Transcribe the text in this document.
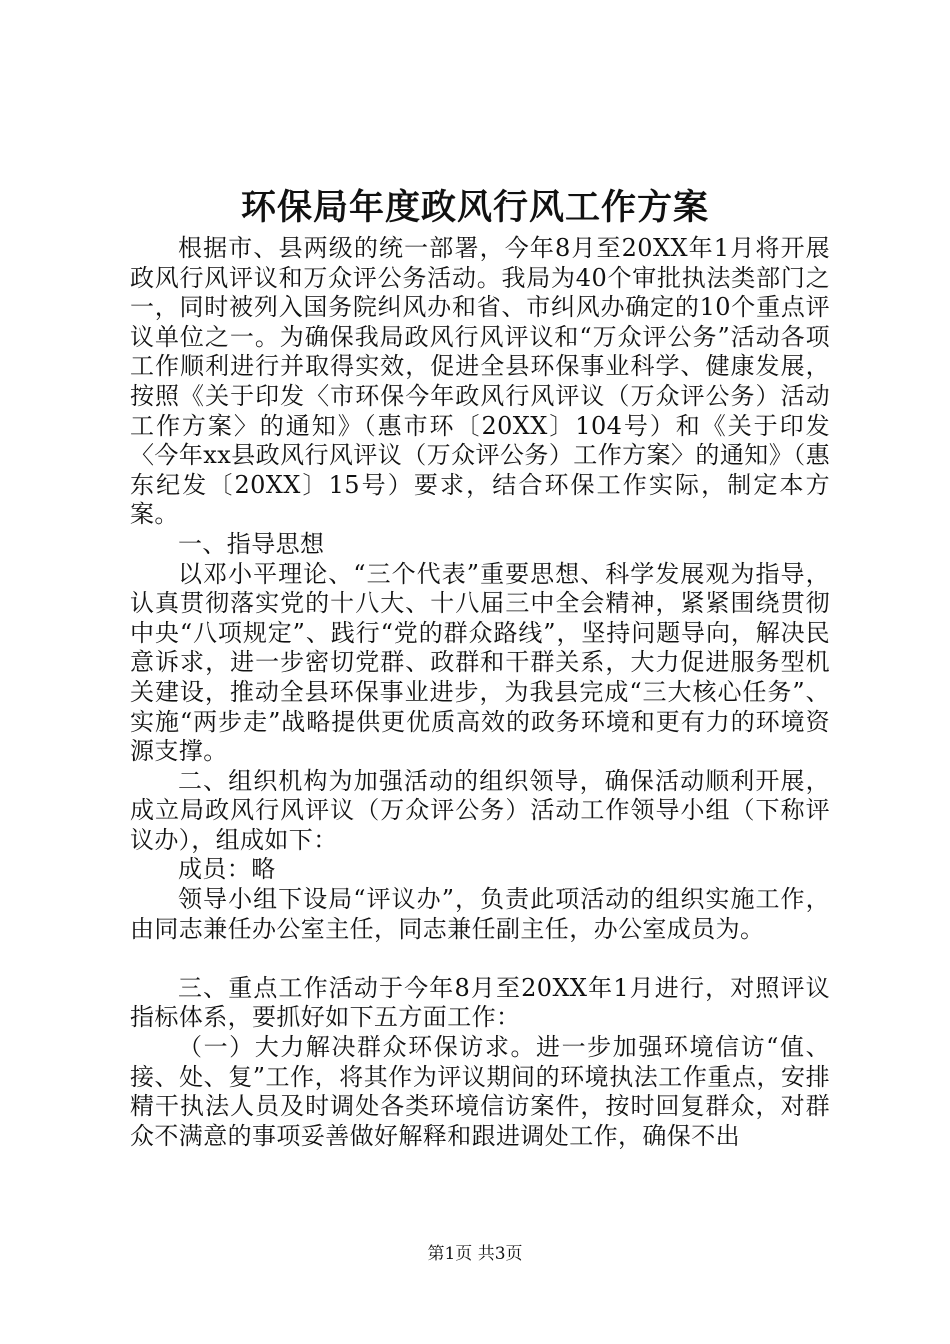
环保局年度政风行风工作方案

根据市、县两级的统一部署，今年8月至20XX年1月将开展政风行风评议和万众评公务活动。我局为40个审批执法类部门之一，同时被列入国务院纠风办和省、市纠风办确定的10个重点评议单位之一。为确保我局政风行风评议和“万众评公务”活动各项工作顺利进行并取得实效，促进全县环保事业科学、健康发展，按照《关于印发〈市环保今年政风行风评议（万众评公务）活动工作方案〉的通知》（惠市环〔20XX〕104号）和《关于印发〈今年xx县政风行风评议（万众评公务）工作方案〉的通知》（惠东纪发〔20XX〕15号）要求，结合环保工作实际，制定本方案。

一、指导思想

以邓小平理论、“三个代表”重要思想、科学发展观为指导，认真贯彻落实党的十八大、十八届三中全会精神，紧紧围绕贯彻中央“八项规定”、践行“党的群众路线”，坚持问题导向，解决民意诉求，进一步密切党群、政群和干群关系，大力促进服务型机关建设，推动全县环保事业进步，为我县完成“三大核心任务”、实施“两步走”战略提供更优质高效的政务环境和更有力的环境资源支撑。

二、组织机构为加强活动的组织领导，确保活动顺利开展，成立局政风行风评议（万众评公务）活动工作领导小组（下称评议办），组成如下：

成员：略

领导小组下设局“评议办”，负责此项活动的组织实施工作，由同志兼任办公室主任，同志兼任副主任，办公室成员为。

三、重点工作活动于今年8月至20XX年1月进行，对照评议指标体系，要抓好如下五方面工作：

（一）大力解决群众环保访求。进一步加强环境信访“值、接、处、复”工作，将其作为评议期间的环境执法工作重点，安排精干执法人员及时调处各类环境信访案件，按时回复群众，对群众不满意的事项妥善做好解释和跟进调处工作，确保不出

第1页 共3页
